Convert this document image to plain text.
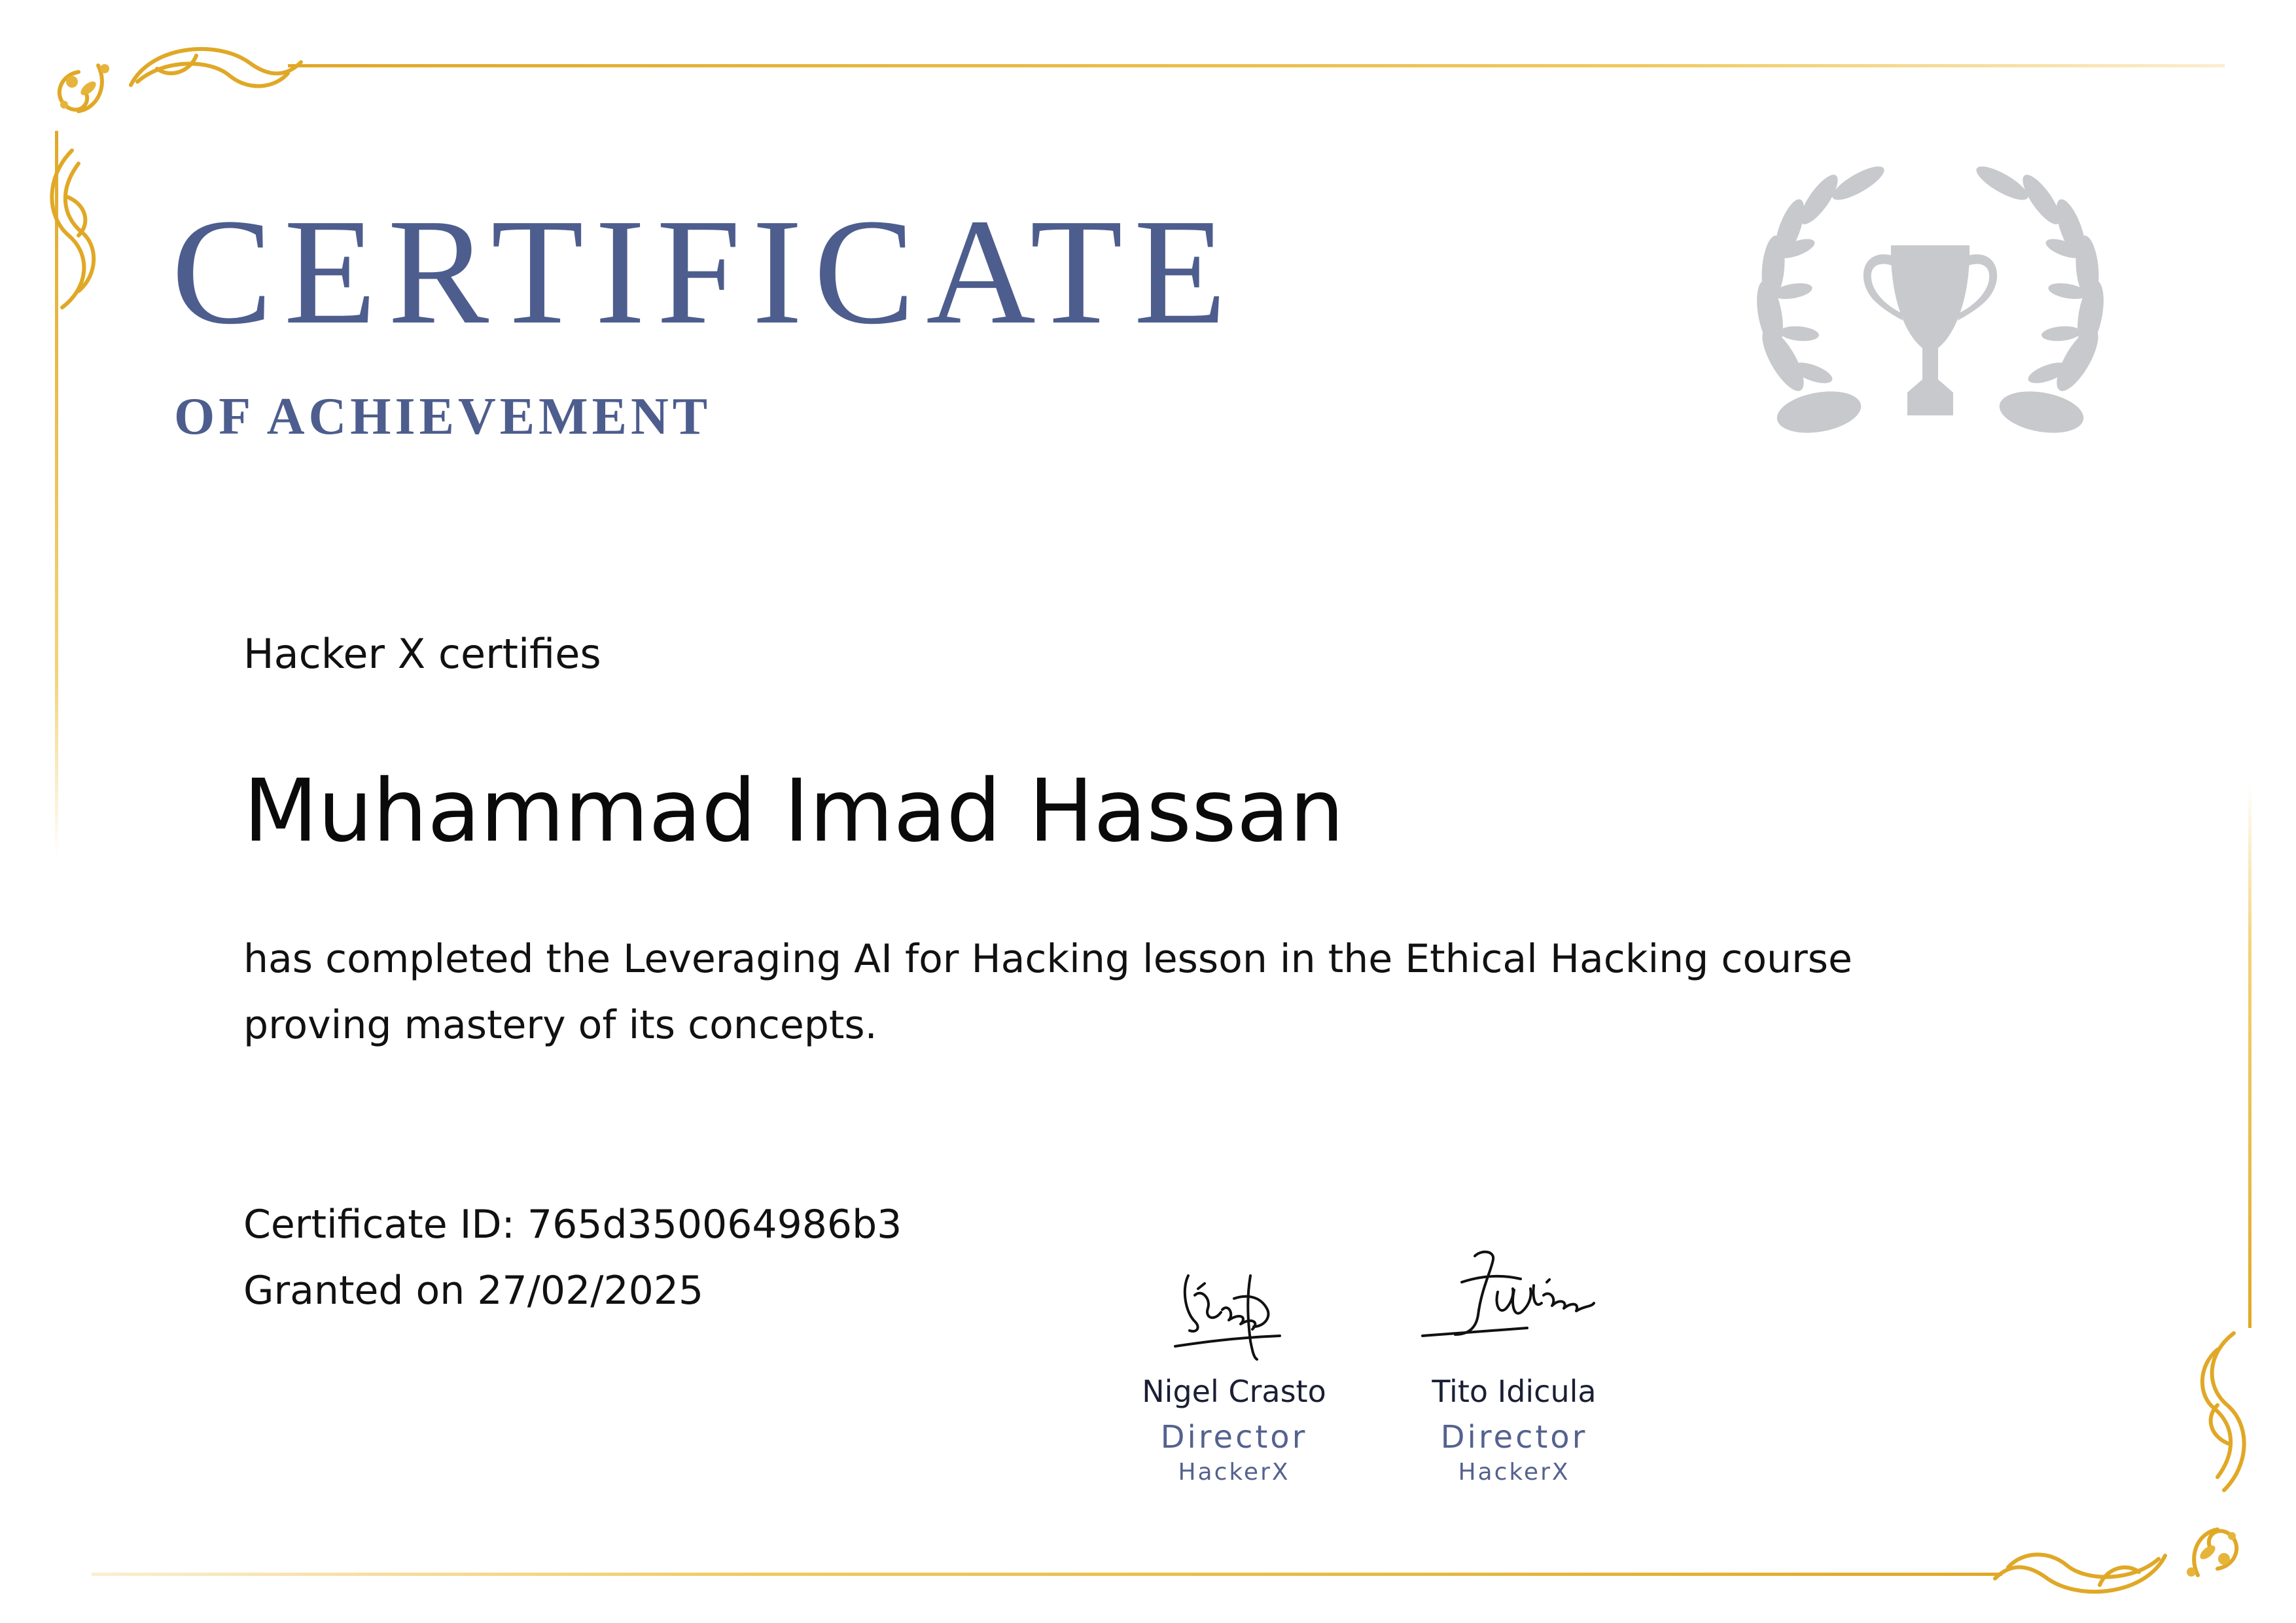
CERTIFICATE
OF ACHIEVEMENT

Hacker X certifies

Muhammad Imad Hassan

has completed the Leveraging AI for Hacking lesson in the Ethical Hacking course proving mastery of its concepts.

Certificate ID: 765d350064986b3

Granted on 27/02/2025

Nigel Crasto
Director
HackerX
Tito Idicula
Director
HackerX
